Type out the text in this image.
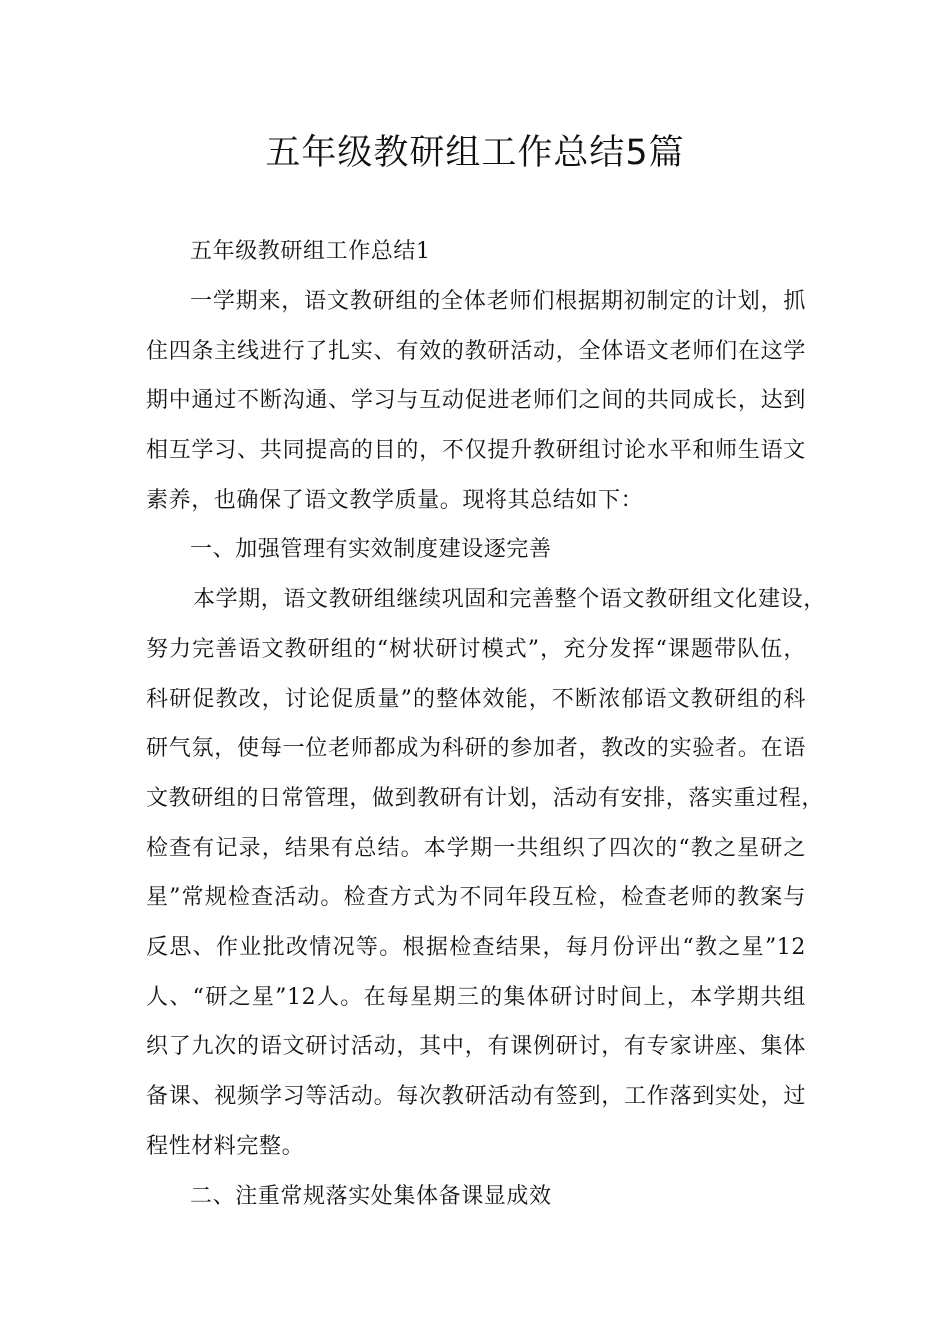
五年级教研组工作总结5篇

五年级教研组工作总结1

一学期来，语文教研组的全体老师们根据期初制定的计划，抓

住四条主线进行了扎实、有效的教研活动，全体语文老师们在这学

期中通过不断沟通、学习与互动促进老师们之间的共同成长，达到

相互学习、共同提高的目的，不仅提升教研组讨论水平和师生语文

素养，也确保了语文教学质量。现将其总结如下：

一、加强管理有实效制度建设逐完善

本学期，语文教研组继续巩固和完善整个语文教研组文化建设，

努力完善语文教研组的“树状研讨模式”，充分发挥“课题带队伍，

科研促教改，讨论促质量”的整体效能，不断浓郁语文教研组的科

研气氛，使每一位老师都成为科研的参加者，教改的实验者。在语

文教研组的日常管理，做到教研有计划，活动有安排，落实重过程，

检查有记录，结果有总结。本学期一共组织了四次的“教之星研之

星”常规检查活动。检查方式为不同年段互检，检查老师的教案与

反思、作业批改情况等。根据检查结果，每月份评出“教之星”12

人、“研之星”12人。在每星期三的集体研讨时间上，本学期共组

织了九次的语文研讨活动，其中，有课例研讨，有专家讲座、集体

备课、视频学习等活动。每次教研活动有签到，工作落到实处，过

程性材料完整。

二、注重常规落实处集体备课显成效
